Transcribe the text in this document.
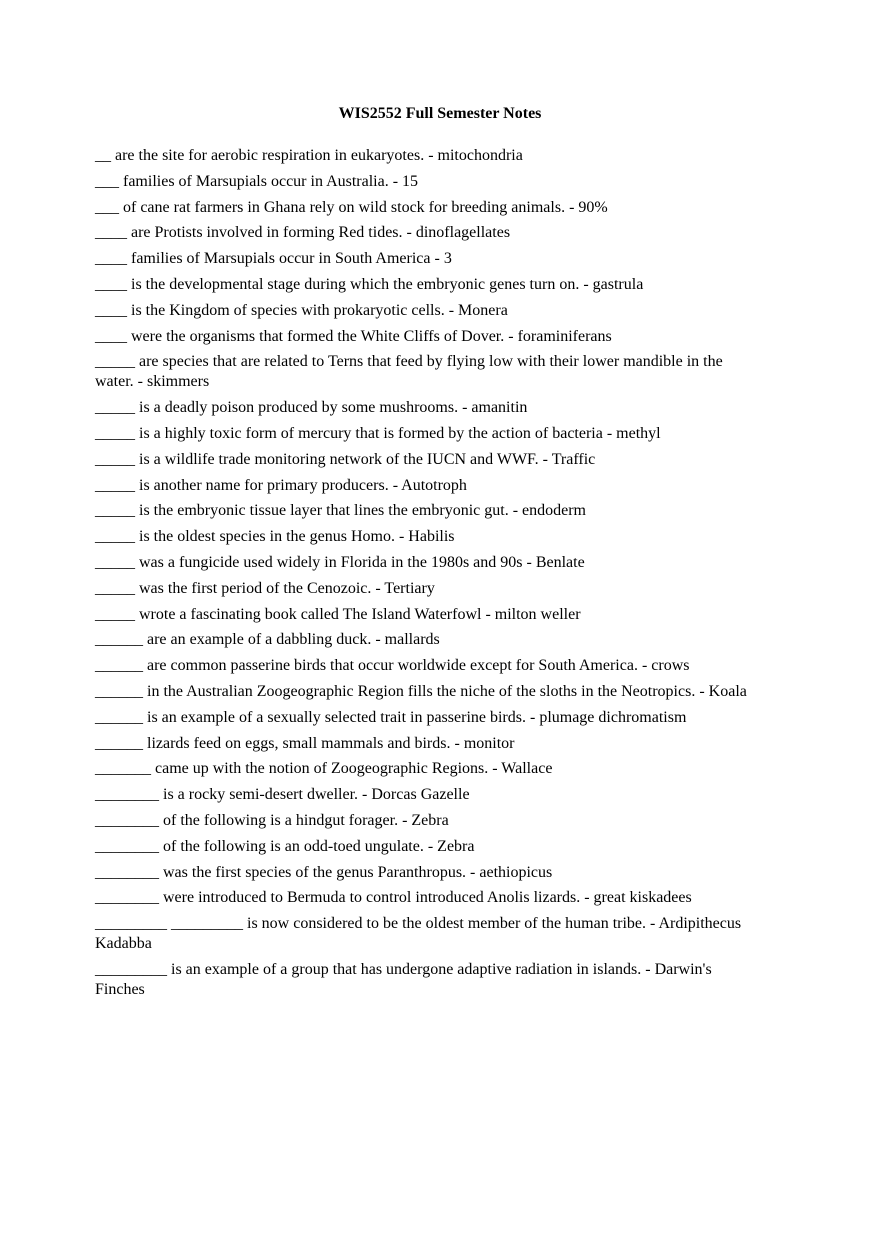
WIS2552 Full Semester Notes
__ are the site for aerobic respiration in eukaryotes. - mitochondria
___ families of Marsupials occur in Australia. - 15
___ of cane rat farmers in Ghana rely on wild stock for breeding animals. - 90%
____ are Protists involved in forming Red tides. - dinoflagellates
____ families of Marsupials occur in South America - 3
____ is the developmental stage during which the embryonic genes turn on. - gastrula
____ is the Kingdom of species with prokaryotic cells. - Monera
____ were the organisms that formed the White Cliffs of Dover. - foraminiferans
_____ are species that are related to Terns that feed by flying low with their lower mandible in the water. - skimmers
_____ is a deadly poison produced by some mushrooms. - amanitin
_____ is a highly toxic form of mercury that is formed by the action of bacteria - methyl
_____ is a wildlife trade monitoring network of the IUCN and WWF. - Traffic
_____ is another name for primary producers. - Autotroph
_____ is the embryonic tissue layer that lines the embryonic gut. - endoderm
_____ is the oldest species in the genus Homo. - Habilis
_____ was a fungicide used widely in Florida in the 1980s and 90s - Benlate
_____ was the first period of the Cenozoic. - Tertiary
_____ wrote a fascinating book called The Island Waterfowl - milton weller
______ are an example of a dabbling duck. - mallards
______ are common passerine birds that occur worldwide except for South America. - crows
______ in the Australian Zoogeographic Region fills the niche of the sloths in the Neotropics. - Koala
______ is an example of a sexually selected trait in passerine birds. - plumage dichromatism
______ lizards feed on eggs, small mammals and birds. - monitor
_______ came up with the notion of Zoogeographic Regions. - Wallace
________ is a rocky semi-desert dweller. - Dorcas Gazelle
________ of the following is a hindgut forager. - Zebra
________ of the following is an odd-toed ungulate. - Zebra
________ was the first species of the genus Paranthropus. - aethiopicus
________ were introduced to Bermuda to control introduced Anolis lizards. - great kiskadees
_________ _________ is now considered to be the oldest member of the human tribe. - Ardipithecus Kadabba
_________ is an example of a group that has undergone adaptive radiation in islands. - Darwin's Finches
